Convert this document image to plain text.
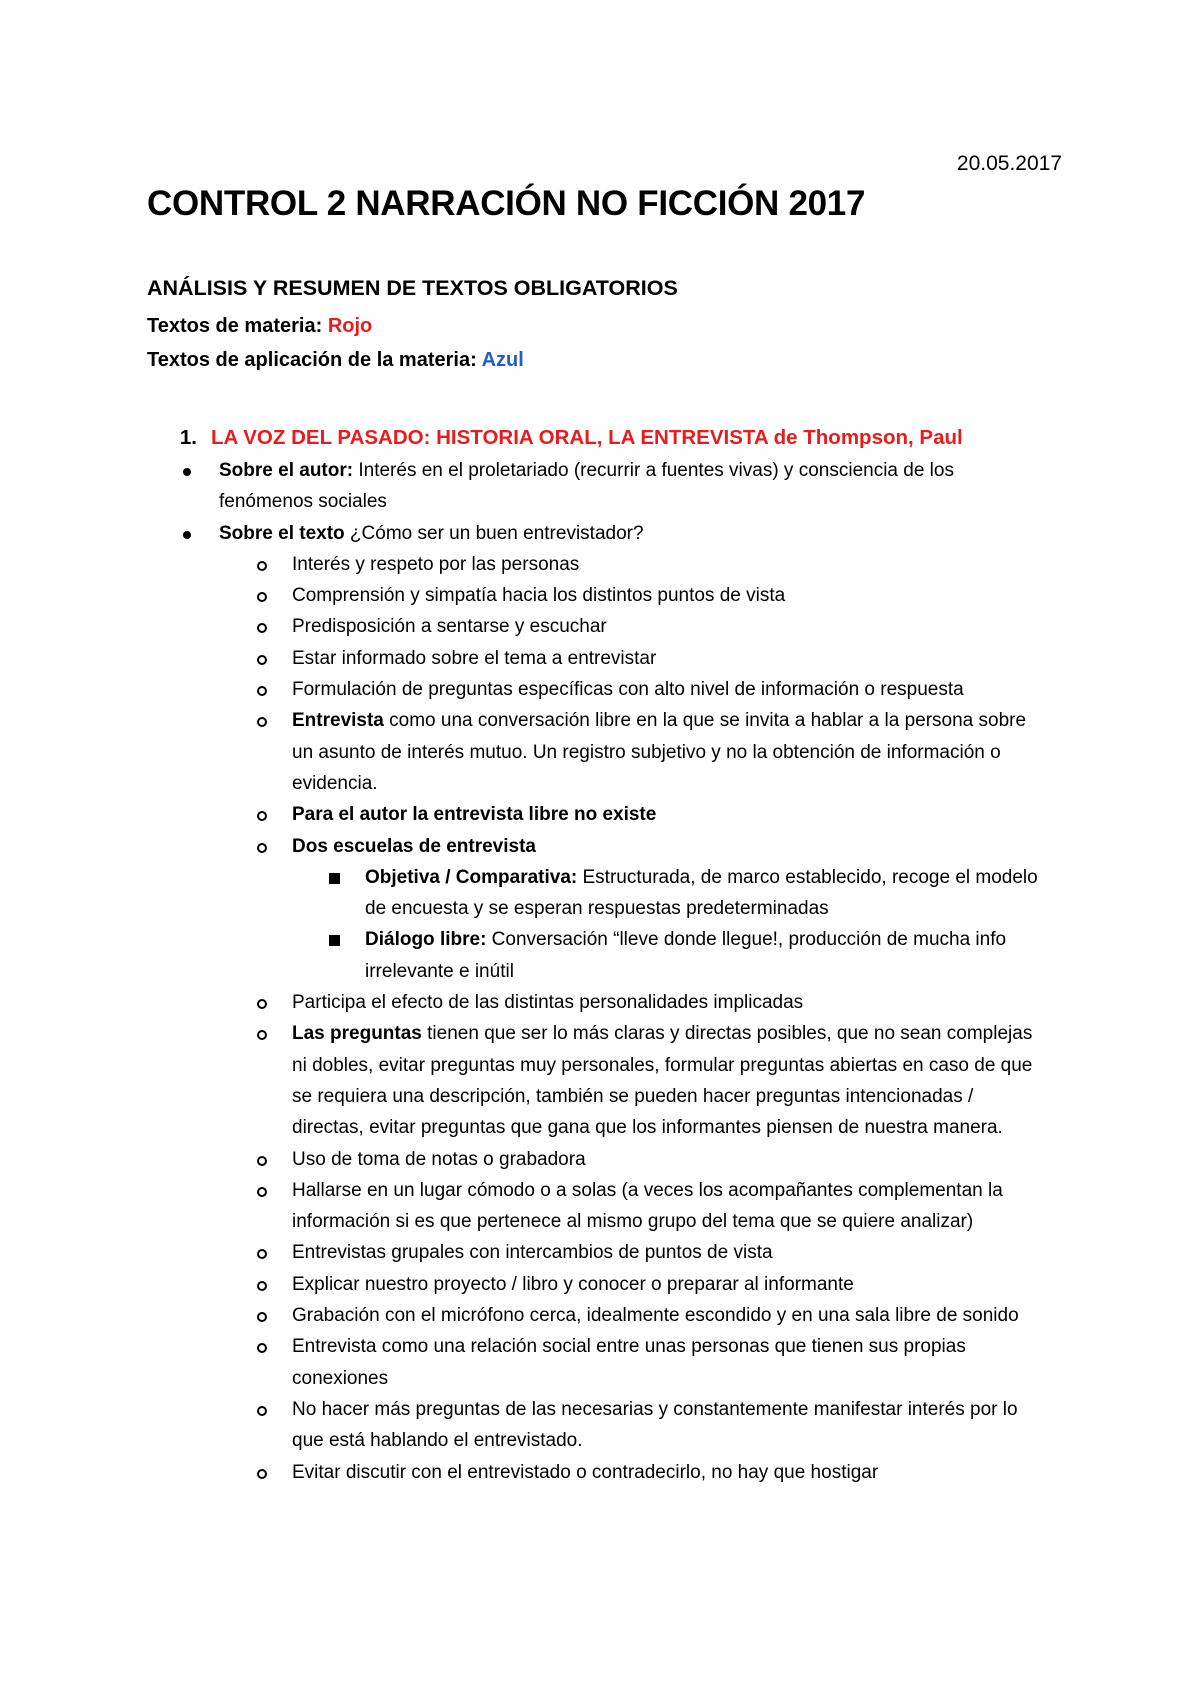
20.05.2017
CONTROL 2 NARRACIÓN NO FICCIÓN 2017
ANÁLISIS Y RESUMEN DE TEXTOS OBLIGATORIOS
Textos de materia: Rojo
Textos de aplicación de la materia: Azul
1. LA VOZ DEL PASADO: HISTORIA ORAL, LA ENTREVISTA de Thompson, Paul
Sobre el autor: Interés en el proletariado (recurrir a fuentes vivas) y consciencia de los fenómenos sociales
Sobre el texto ¿Cómo ser un buen entrevistador?
Interés y respeto por las personas
Comprensión y simpatía hacia los distintos puntos de vista
Predisposición a sentarse y escuchar
Estar informado sobre el tema a entrevistar
Formulación de preguntas específicas con alto nivel de información o respuesta
Entrevista como una conversación libre en la que se invita a hablar a la persona sobre un asunto de interés mutuo. Un registro subjetivo y no la obtención de información o evidencia.
Para el autor la entrevista libre no existe
Dos escuelas de entrevista
Objetiva / Comparativa: Estructurada, de marco establecido, recoge el modelo de encuesta y se esperan respuestas predeterminadas
Diálogo libre: Conversación “lleve donde llegue!, producción de mucha info irrelevante e inútil
Participa el efecto de las distintas personalidades implicadas
Las preguntas tienen que ser lo más claras y directas posibles, que no sean complejas ni dobles, evitar preguntas muy personales, formular preguntas abiertas en caso de que se requiera una descripción, también se pueden hacer preguntas intencionadas / directas, evitar preguntas que gana que los informantes piensen de nuestra manera.
Uso de toma de notas o grabadora
Hallarse en un lugar cómodo o a solas (a veces los acompañantes complementan la información si es que pertenece al mismo grupo del tema que se quiere analizar)
Entrevistas grupales con intercambios de puntos de vista
Explicar nuestro proyecto / libro y conocer o preparar al informante
Grabación con el micrófono cerca, idealmente escondido y en una sala libre de sonido
Entrevista como una relación social entre unas personas que tienen sus propias conexiones
No hacer más preguntas de las necesarias y constantemente manifestar interés por lo que está hablando el entrevistado.
Evitar discutir con el entrevistado o contradecirlo, no hay que hostigar
